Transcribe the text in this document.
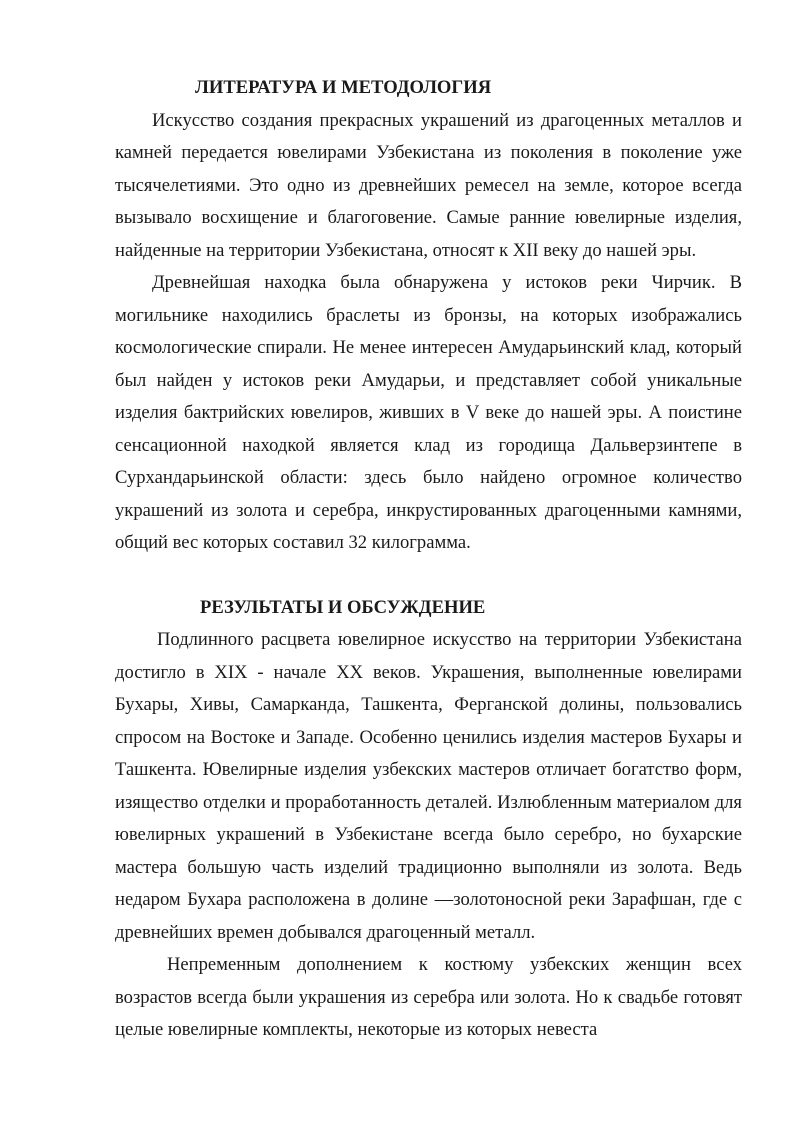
ЛИТЕРАТУРА И МЕТОДОЛОГИЯ

Искусство создания прекрасных украшений из драгоценных металлов и камней передается ювелирами Узбекистана из поколения в поколение уже тысячелетиями. Это одно из древнейших ремесел на земле, которое всегда вызывало восхищение и благоговение. Самые ранние ювелирные изделия, найденные на территории Узбекистана, относят к XII веку до нашей эры.

Древнейшая находка была обнаружена у истоков реки Чирчик. В могильнике находились браслеты из бронзы, на которых изображались космологические спирали. Не менее интересен Амударьинский клад, который был найден у истоков реки Амударьи, и представляет собой уникальные изделия бактрийских ювелиров, живших в V веке до нашей эры. А поистине сенсационной находкой является клад из городища Дальверзинтепе в Сурхандарьинской области: здесь было найдено огромное количество украшений из золота и серебра, инкрустированных драгоценными камнями, общий вес которых составил 32 килограмма.

РЕЗУЛЬТАТЫ И ОБСУЖДЕНИЕ

Подлинного расцвета ювелирное искусство на территории Узбекистана достигло в XIX - начале XX веков. Украшения, выполненные ювелирами Бухары, Хивы, Самарканда, Ташкента, Ферганской долины, пользовались спросом на Востоке и Западе. Особенно ценились изделия мастеров Бухары и Ташкента. Ювелирные изделия узбекских мастеров отличает богатство форм, изящество отделки и проработанность деталей. Излюбленным материалом для ювелирных украшений в Узбекистане всегда было серебро, но бухарские мастера большую часть изделий традиционно выполняли из золота. Ведь недаром Бухара расположена в долине —золотоносной реки Зарафшан, где с древнейших времен добывался драгоценный металл.

Непременным дополнением к костюму узбекских женщин всех возрастов всегда были украшения из серебра или золота. Но к свадьбе готовят целые ювелирные комплекты, некоторые из которых невеста
